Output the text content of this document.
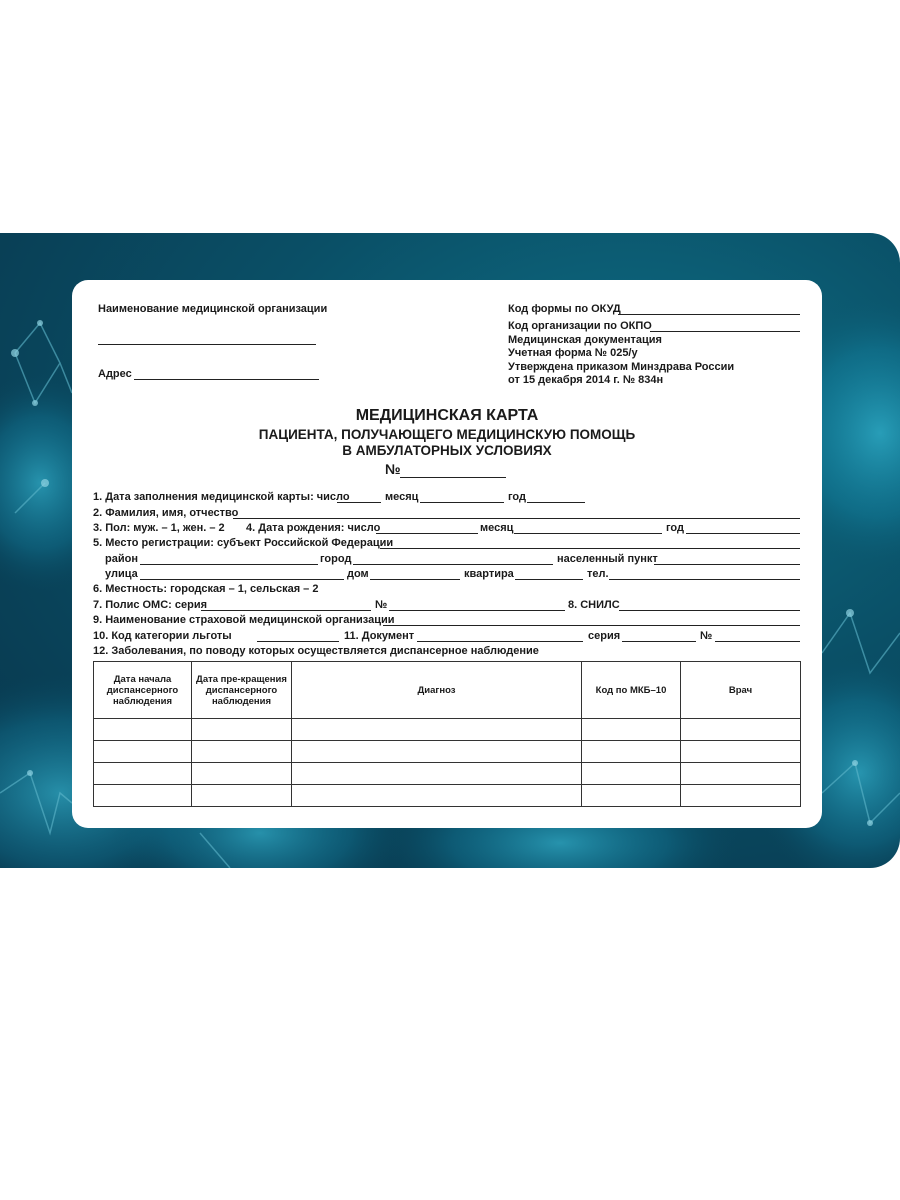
Наименование медицинской организации
Адрес
Код формы по ОКУД
Код организации по ОКПО
Медицинская документация
Учетная форма № 025/у
Утверждена приказом Минздрава России
от 15 декабря 2014 г. № 834н
МЕДИЦИНСКАЯ КАРТА
ПАЦИЕНТА, ПОЛУЧАЮЩЕГО МЕДИЦИНСКУЮ ПОМОЩЬ
В АМБУЛАТОРНЫХ УСЛОВИЯХ
№
1. Дата заполнения медицинской карты: число	месяц	год
2. Фамилия, имя, отчество
3. Пол: муж. – 1, жен. – 2 4. Дата рождения: число	месяц	год
5. Место регистрации: субъект Российской Федерации
район	город	населенный пункт
улица	дом	квартира	тел.
6. Местность: городская – 1, сельская – 2
7. Полис ОМС: серия	№	8. СНИЛС
9. Наименование страховой медицинской организации
10. Код категории льготы	11. Документ	серия	№
12. Заболевания, по поводу которых осуществляется диспансерное наблюдение
Дата начала диспансерного наблюдения	Дата пре-кращения диспансерного наблюдения	Диагноз	Код по МКБ–10	Врач
